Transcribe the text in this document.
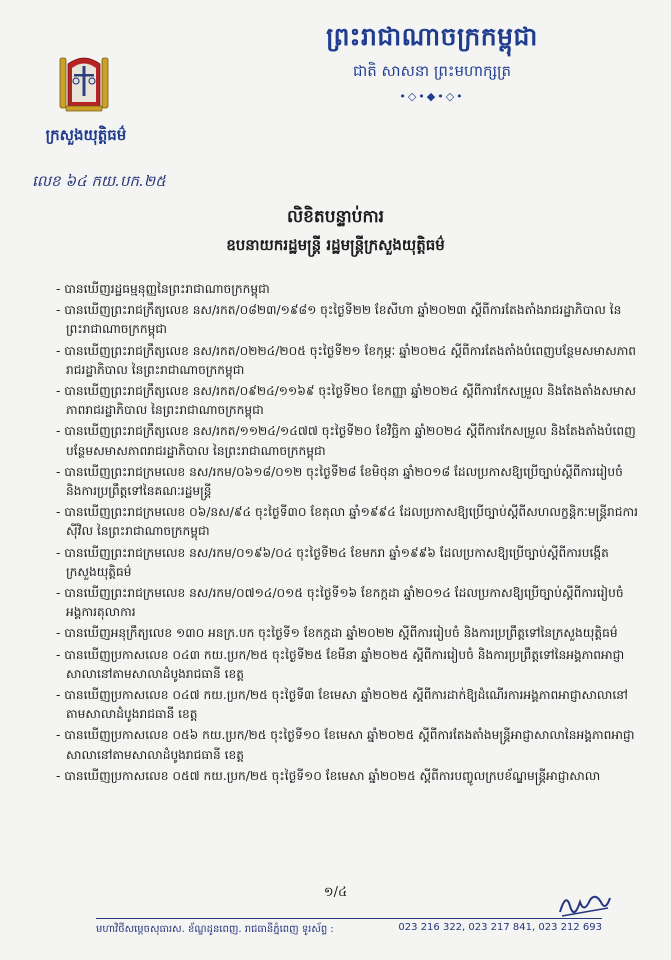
ព្រះរាជាណាចក្រកម្ពុជា
ជាតិ សាសនា ព្រះមហាក្សត្រ
•◇•◆•◇•
ក្រសួងយុត្តិធម៌
លេខ ៦៤ កយ.បក.២៥
លិខិតបន្ទាប់ការ
ឧបនាយករដ្ឋមន្ត្រី រដ្ឋមន្ត្រីក្រសួងយុត្តិធម៌

- បានឃើញរដ្ឋធម្មនុញ្ញនៃព្រះរាជាណាចក្រកម្ពុជា

- បានឃើញព្រះរាជក្រឹត្យលេខ នស/រកត/០៨២៣/១៩៨១ ចុះថ្ងៃទី២២ ខែសីហា ឆ្នាំ២០២៣ ស្តីពីការតែងតាំងរាជរដ្ឋាភិបាល នៃព្រះរាជាណាចក្រកម្ពុជា

- បានឃើញព្រះរាជក្រឹត្យលេខ នស/រកត/០២២៤/២០៥ ចុះថ្ងៃទី២១ ខែកុម្ភៈ ឆ្នាំ២០២៤ ស្តីពីការតែងតាំងបំពេញបន្ថែមសមាសភាពរាជរដ្ឋាភិបាល នៃព្រះរាជាណាចក្រកម្ពុជា

- បានឃើញព្រះរាជក្រឹត្យលេខ នស/រកត/០៩២៤/១១៦៩ ចុះថ្ងៃទី២០ ខែកញ្ញា ឆ្នាំ២០២៤ ស្តីពីការកែសម្រួល និងតែងតាំងសមាសភាពរាជរដ្ឋាភិបាល នៃព្រះរាជាណាចក្រកម្ពុជា

- បានឃើញព្រះរាជក្រឹត្យលេខ នស/រកត/១១២៤/១៤៧៧ ចុះថ្ងៃទី២០ ខែវិច្ឆិកា ឆ្នាំ២០២៤ ស្តីពីការកែសម្រួល និងតែងតាំងបំពេញបន្ថែមសមាសភាពរាជរដ្ឋាភិបាល នៃព្រះរាជាណាចក្រកម្ពុជា

- បានឃើញព្រះរាជក្រមលេខ នស/រកម/០៦១៨/០១២ ចុះថ្ងៃទី២៨ ខែមិថុនា ឆ្នាំ២០១៨ ដែលប្រកាសឱ្យប្រើច្បាប់ស្តីពីការរៀបចំ និងការប្រព្រឹត្តទៅនៃគណៈរដ្ឋមន្ត្រី

- បានឃើញព្រះរាជក្រមលេខ ០៦/នស/៩៤ ចុះថ្ងៃទី៣០ ខែតុលា ឆ្នាំ១៩៩៤ ដែលប្រកាសឱ្យប្រើច្បាប់ស្តីពីសហលក្ខន្តិកៈមន្ត្រីរាជការស៊ីវិល នៃព្រះរាជាណាចក្រកម្ពុជា

- បានឃើញព្រះរាជក្រមលេខ នស/រកម/០១៩៦/០៤ ចុះថ្ងៃទី២៤ ខែមករា ឆ្នាំ១៩៩៦ ដែលប្រកាសឱ្យប្រើច្បាប់ស្តីពីការបង្កើតក្រសួងយុត្តិធម៌

- បានឃើញព្រះរាជក្រមលេខ នស/រកម/០៧១៤/០១៥ ចុះថ្ងៃទី១៦ ខែកក្កដា ឆ្នាំ២០១៤ ដែលប្រកាសឱ្យប្រើច្បាប់ស្តីពីការរៀបចំអង្គការតុលាការ

- បានឃើញអនុក្រឹត្យលេខ ១៣០ អនក្រ.បក ចុះថ្ងៃទី១ ខែកក្កដា ឆ្នាំ២០២២ ស្តីពីការរៀបចំ និងការប្រព្រឹត្តទៅនៃក្រសួងយុត្តិធម៌

- បានឃើញប្រកាសលេខ ០៤៣ កយ.ប្រក/២៥ ចុះថ្ងៃទី២៥ ខែមីនា ឆ្នាំ២០២៥ ស្តីពីការរៀបចំ និងការប្រព្រឹត្តទៅនៃអង្គភាពអាជ្ញាសាលានៅតាមសាលាដំបូងរាជធានី ខេត្ត

- បានឃើញប្រកាសលេខ ០៤៧ កយ.ប្រក/២៥ ចុះថ្ងៃទី៣ ខែមេសា ឆ្នាំ២០២៥ ស្តីពីការដាក់ឱ្យដំណើរការអង្គភាពអាជ្ញាសាលានៅតាមសាលាដំបូងរាជធានី ខេត្ត

- បានឃើញប្រកាសលេខ ០៥៦ កយ.ប្រក/២៥ ចុះថ្ងៃទី១០ ខែមេសា ឆ្នាំ២០២៥ ស្តីពីការតែងតាំងមន្ត្រីអាជ្ញាសាលានៃអង្គភាពអាជ្ញាសាលានៅតាមសាលាដំបូងរាជធានី ខេត្ត

- បានឃើញប្រកាសលេខ ០៥៧ កយ.ប្រក/២៥ ចុះថ្ងៃទី១០ ខែមេសា ឆ្នាំ២០២៥ ស្តីពីការបញ្ចូលក្របខ័ណ្ឌមន្ត្រីអាជ្ញាសាលា

១/៤
មហាវិថីសម្តេចសុធារស. ខ័ណ្ឌដូនពេញ. រាជធានីភ្នំពេញ ទូរស័ព្ទ :	023 216 322, 023 217 841, 023 212 693
